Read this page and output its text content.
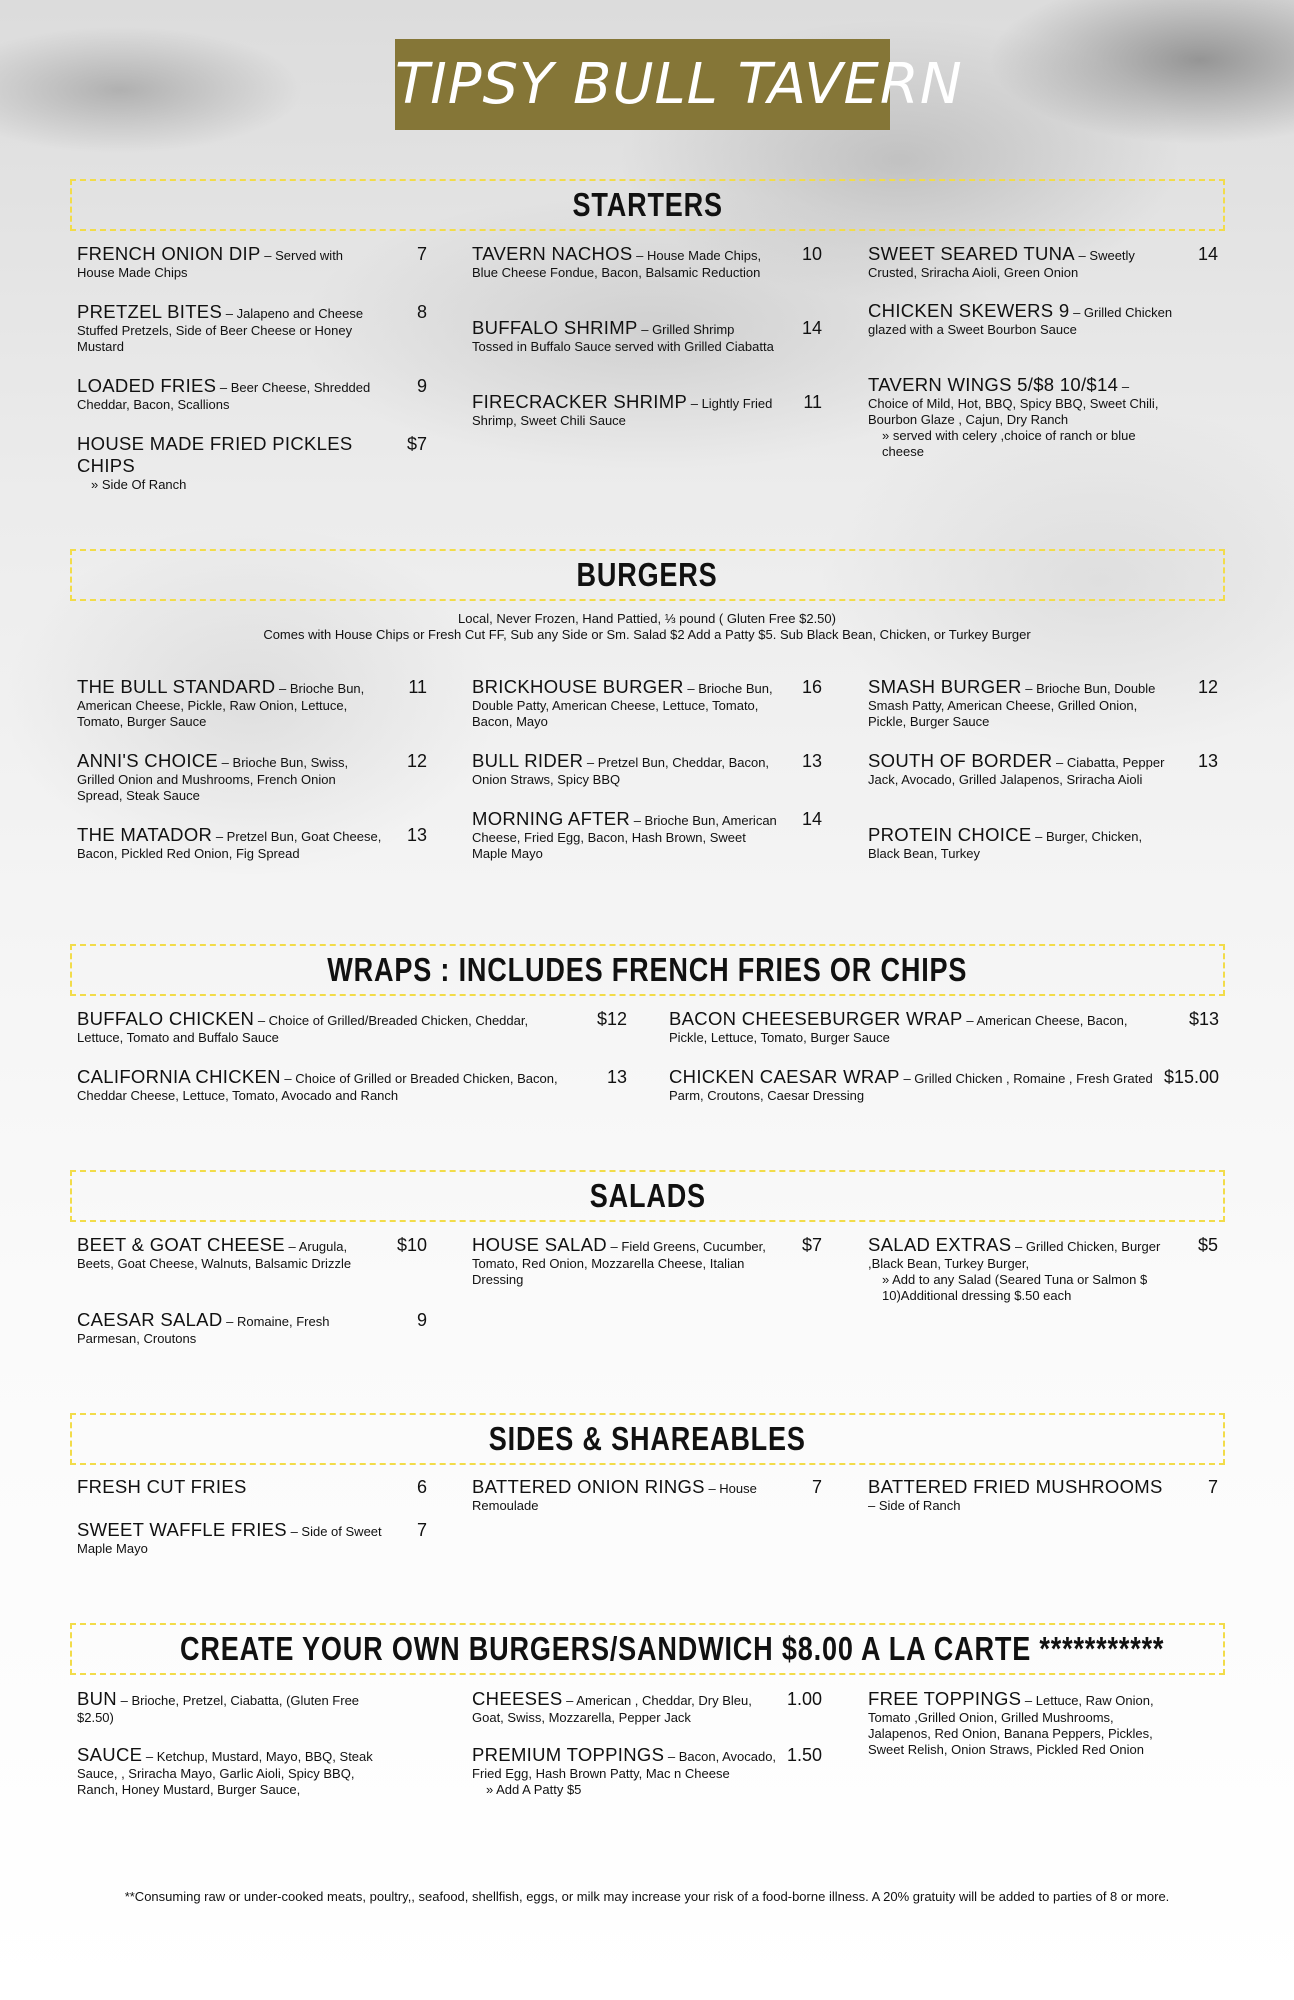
TIPSY BULL TAVERN
STARTERS
FRENCH ONION DIP – Served with House Made Chips
7
PRETZEL BITES – Jalapeno and Cheese Stuffed Pretzels, Side of Beer Cheese or Honey Mustard
8
LOADED FRIES – Beer Cheese, Shredded Cheddar, Bacon, Scallions
9
HOUSE MADE FRIED PICKLES CHIPS
» Side Of Ranch
$7
TAVERN NACHOS – House Made Chips, Blue Cheese Fondue, Bacon, Balsamic Reduction
10
BUFFALO SHRIMP – Grilled Shrimp Tossed in Buffalo Sauce served with Grilled Ciabatta
14
FIRECRACKER SHRIMP – Lightly Fried Shrimp, Sweet Chili Sauce
11
SWEET SEARED TUNA – Sweetly Crusted, Sriracha Aioli, Green Onion
14
CHICKEN SKEWERS 9 – Grilled Chicken glazed with a Sweet Bourbon Sauce
TAVERN WINGS 5/$8 10/$14 – Choice of Mild, Hot, BBQ, Spicy BBQ, Sweet Chili, Bourbon Glaze , Cajun, Dry Ranch
» served with celery ,choice of ranch or blue cheese
BURGERS
Local, Never Frozen, Hand Pattied, ⅓ pound ( Gluten Free $2.50)
Comes with House Chips or Fresh Cut FF, Sub any Side or Sm. Salad $2 Add a Patty $5. Sub Black Bean, Chicken, or Turkey Burger
THE BULL STANDARD – Brioche Bun, American Cheese, Pickle, Raw Onion, Lettuce, Tomato, Burger Sauce
11
ANNI'S CHOICE – Brioche Bun, Swiss, Grilled Onion and Mushrooms, French Onion Spread, Steak Sauce
12
THE MATADOR – Pretzel Bun, Goat Cheese, Bacon, Pickled Red Onion, Fig Spread
13
BRICKHOUSE BURGER – Brioche Bun, Double Patty, American Cheese, Lettuce, Tomato, Bacon, Mayo
16
BULL RIDER – Pretzel Bun, Cheddar, Bacon, Onion Straws, Spicy BBQ
13
MORNING AFTER – Brioche Bun, American Cheese, Fried Egg, Bacon, Hash Brown, Sweet Maple Mayo
14
SMASH BURGER – Brioche Bun, Double Smash Patty, American Cheese, Grilled Onion, Pickle, Burger Sauce
12
SOUTH OF BORDER – Ciabatta, Pepper Jack, Avocado, Grilled Jalapenos, Sriracha Aioli
13
PROTEIN CHOICE – Burger, Chicken, Black Bean, Turkey
WRAPS : INCLUDES FRENCH FRIES OR CHIPS
BUFFALO CHICKEN – Choice of Grilled/Breaded Chicken, Cheddar, Lettuce, Tomato and Buffalo Sauce
$12
CALIFORNIA CHICKEN – Choice of Grilled or Breaded Chicken, Bacon, Cheddar Cheese, Lettuce, Tomato, Avocado and Ranch
13
BACON CHEESEBURGER WRAP – American Cheese, Bacon, Pickle, Lettuce, Tomato, Burger Sauce
$13
CHICKEN CAESAR WRAP – Grilled Chicken , Romaine , Fresh Grated Parm, Croutons, Caesar Dressing
$15.00
SALADS
BEET & GOAT CHEESE – Arugula, Beets, Goat Cheese, Walnuts, Balsamic Drizzle
$10
CAESAR SALAD – Romaine, Fresh Parmesan, Croutons
9
HOUSE SALAD – Field Greens, Cucumber, Tomato, Red Onion, Mozzarella Cheese, Italian Dressing
$7 SALAD EXTRAS – Grilled Chicken, Burger ,Black Bean, Turkey Burger,
» Add to any Salad (Seared Tuna or Salmon $ 10)Additional dressing $.50 each
$5
SIDES & SHAREABLES
FRESH CUT FRIES	6
SWEET WAFFLE FRIES – Side of Sweet Maple Mayo
7
BATTERED ONION RINGS – House Remoulade
7 BATTERED FRIED MUSHROOMS – Side of Ranch
7
CREATE YOUR OWN BURGERS/SANDWICH $8.00 A LA CARTE ***********
BUN – Brioche, Pretzel, Ciabatta, (Gluten Free $2.50)
SAUCE – Ketchup, Mustard, Mayo, BBQ, Steak Sauce, , Sriracha Mayo, Garlic Aioli, Spicy BBQ, Ranch, Honey Mustard, Burger Sauce,
CHEESES – American , Cheddar, Dry Bleu, Goat, Swiss, Mozzarella, Pepper Jack
1.00
PREMIUM TOPPINGS – Bacon, Avocado, Fried Egg, Hash Brown Patty, Mac n Cheese
» Add A Patty $5
1.50
FREE TOPPINGS – Lettuce, Raw Onion, Tomato ,Grilled Onion, Grilled Mushrooms, Jalapenos, Red Onion, Banana Peppers, Pickles, Sweet Relish, Onion Straws, Pickled Red Onion
**Consuming raw or under-cooked meats, poultry,, seafood, shellfish, eggs, or milk may increase your risk of a food-borne illness. A 20% gratuity will be added to parties of 8 or more.
